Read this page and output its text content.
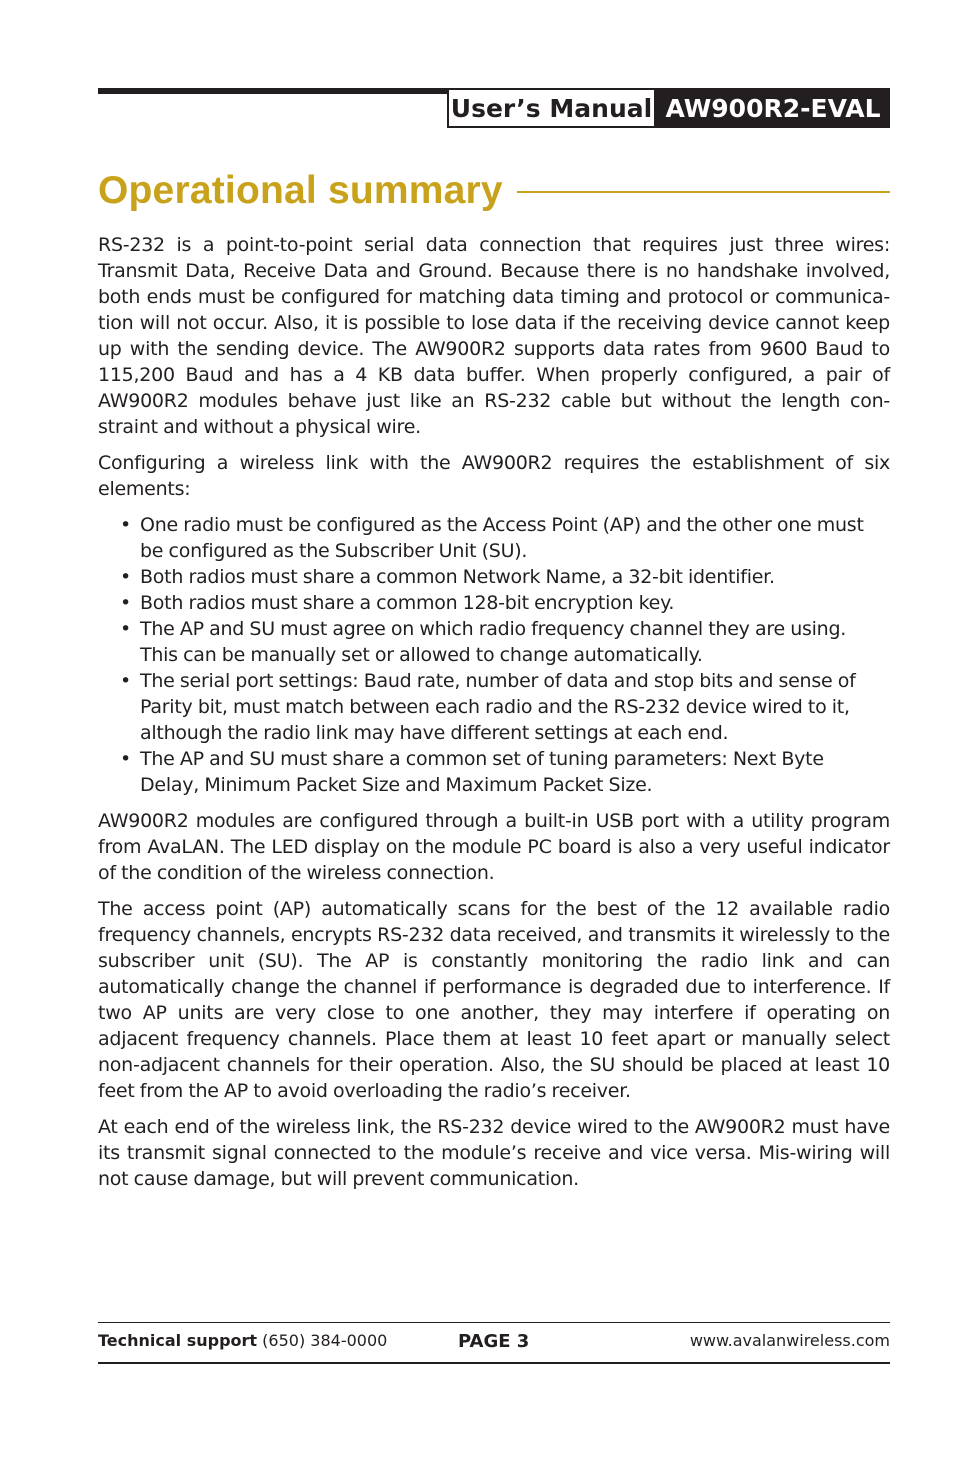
User’s Manual AW900R2-EVAL
Operational summary

RS-232 is a point-to-point serial data connection that requires just three wires: Transmit Data, Receive Data and Ground. Because there is no handshake involved, both ends must be configured for matching data timing and protocol or communica-tion will not occur. Also, it is possible to lose data if the receiving device cannot keep up with the sending device. The AW900R2 supports data rates from 9600 Baud to 115,200 Baud and has a 4 KB data buffer. When properly configured, a pair of AW900R2 modules behave just like an RS-232 cable but without the length con-straint and without a physical wire.

Configuring a wireless link with the AW900R2 requires the establishment of six elements:

• One radio must be configured as the Access Point (AP) and the other one must be configured as the Subscriber Unit (SU).
• Both radios must share a common Network Name, a 32-bit identifier.
• Both radios must share a common 128-bit encryption key.
• The AP and SU must agree on which radio frequency channel they are using. This can be manually set or allowed to change automatically.
• The serial port settings: Baud rate, number of data and stop bits and sense of Parity bit, must match between each radio and the RS-232 device wired to it, although the radio link may have different settings at each end.
• The AP and SU must share a common set of tuning parameters: Next Byte Delay, Minimum Packet Size and Maximum Packet Size.

AW900R2 modules are configured through a built-in USB port with a utility program from AvaLAN. The LED display on the module PC board is also a very useful indicator of the condition of the wireless connection.

The access point (AP) automatically scans for the best of the 12 available radio frequency channels, encrypts RS-232 data received, and transmits it wirelessly to the subscriber unit (SU). The AP is constantly monitoring the radio link and can automatically change the channel if performance is degraded due to interference. If two AP units are very close to one another, they may interfere if operating on adjacent frequency channels. Place them at least 10 feet apart or manually select non-adjacent channels for their operation. Also, the SU should be placed at least 10 feet from the AP to avoid overloading the radio’s receiver.

At each end of the wireless link, the RS-232 device wired to the AW900R2 must have its transmit signal connected to the module’s receive and vice versa. Mis-wiring will not cause damage, but will prevent communication.

Technical support (650) 384-0000	PAGE 3	www.avalanwireless.com
